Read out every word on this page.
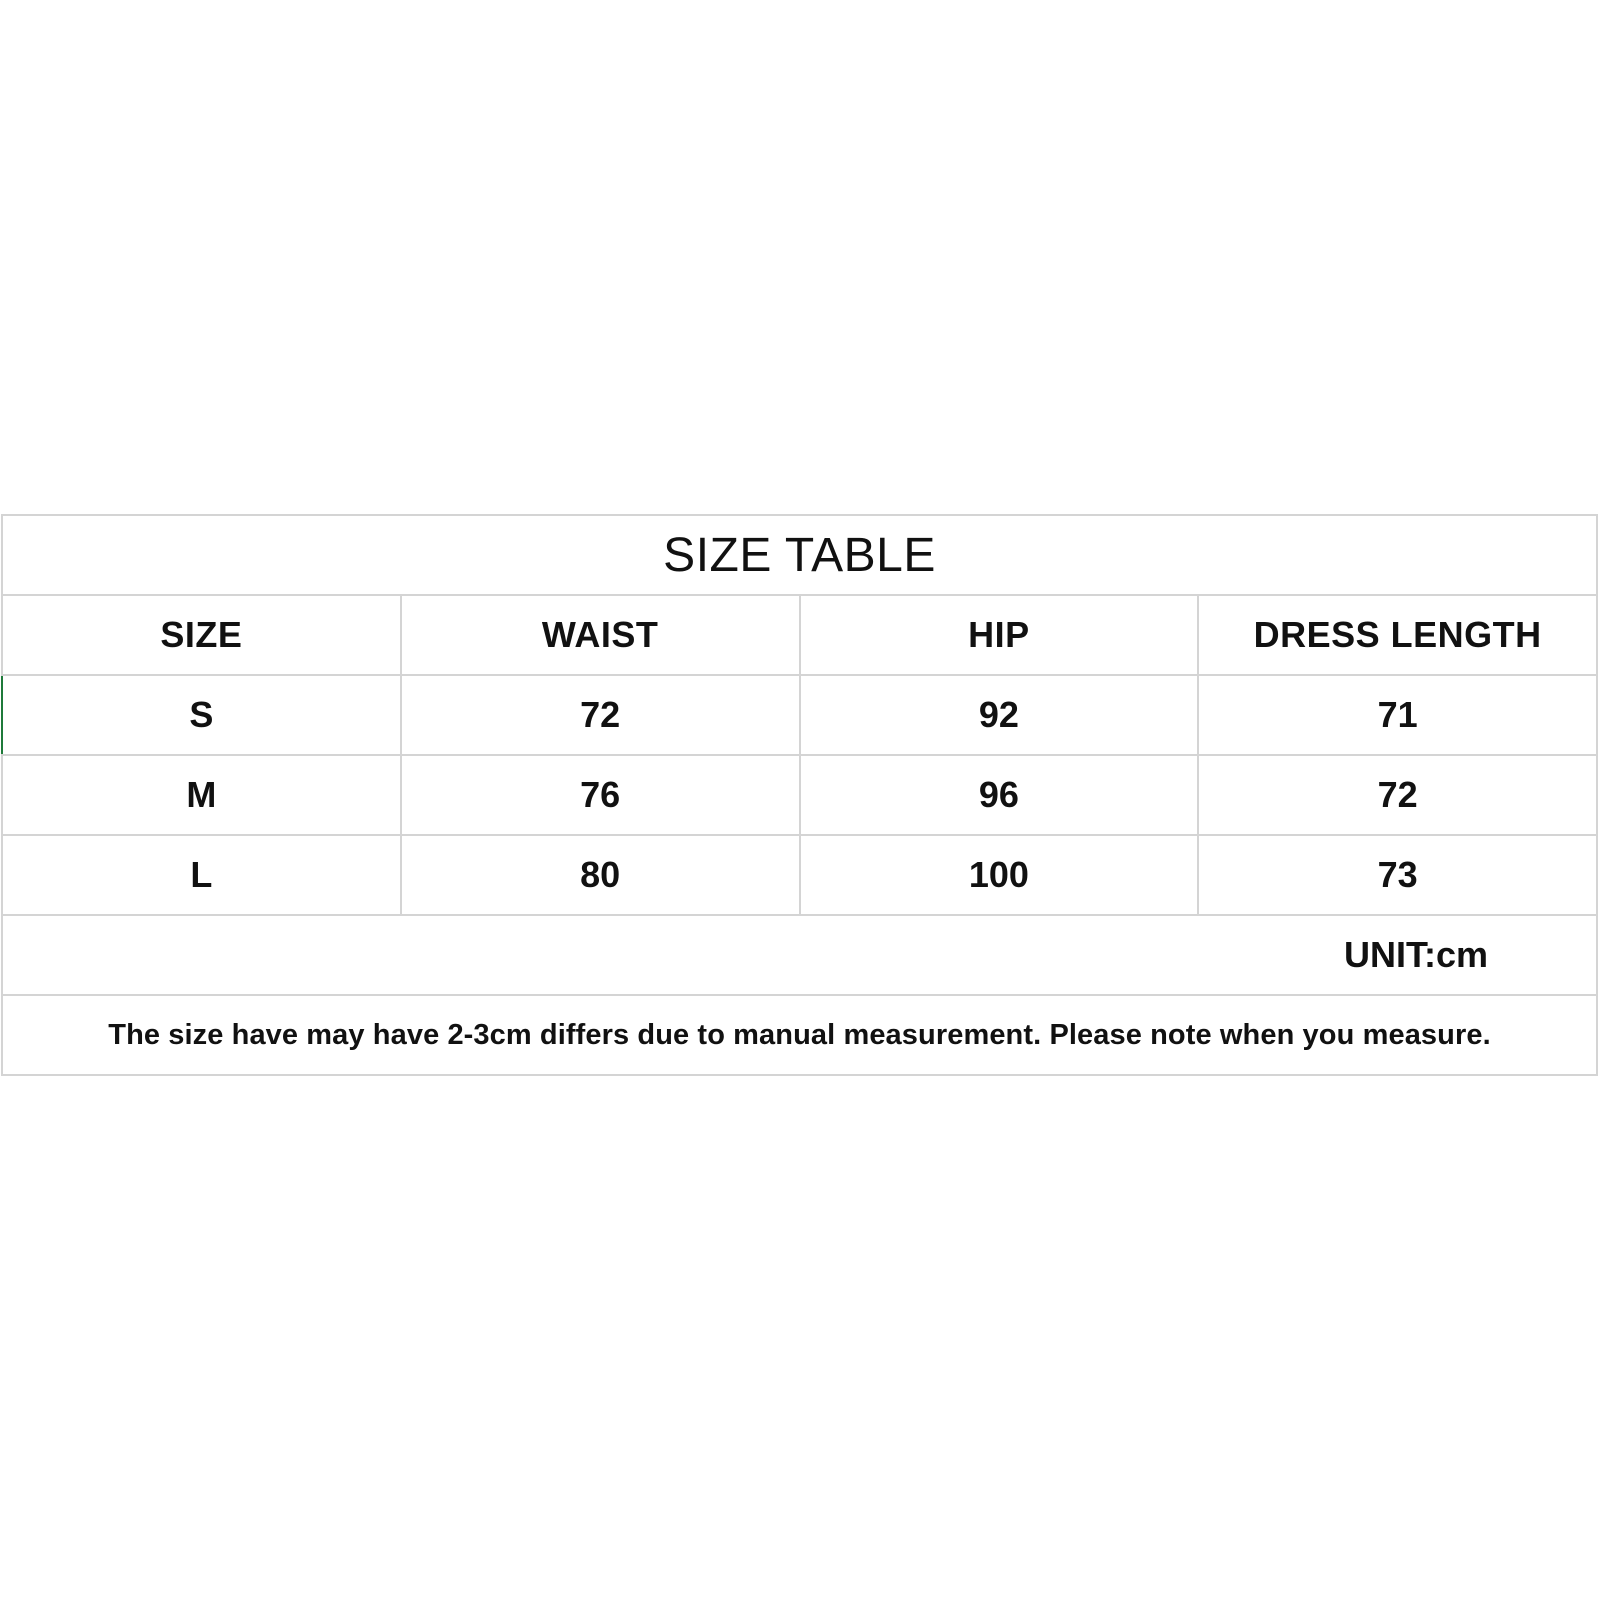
SIZE TABLE			
SIZE	WAIST	HIP	DRESS LENGTH
S	72	92	71
M	76	96	72
L	80	100	73
UNIT:cm			
The size have may have 2-3cm differs due to manual measurement. Please note when you measure.			
